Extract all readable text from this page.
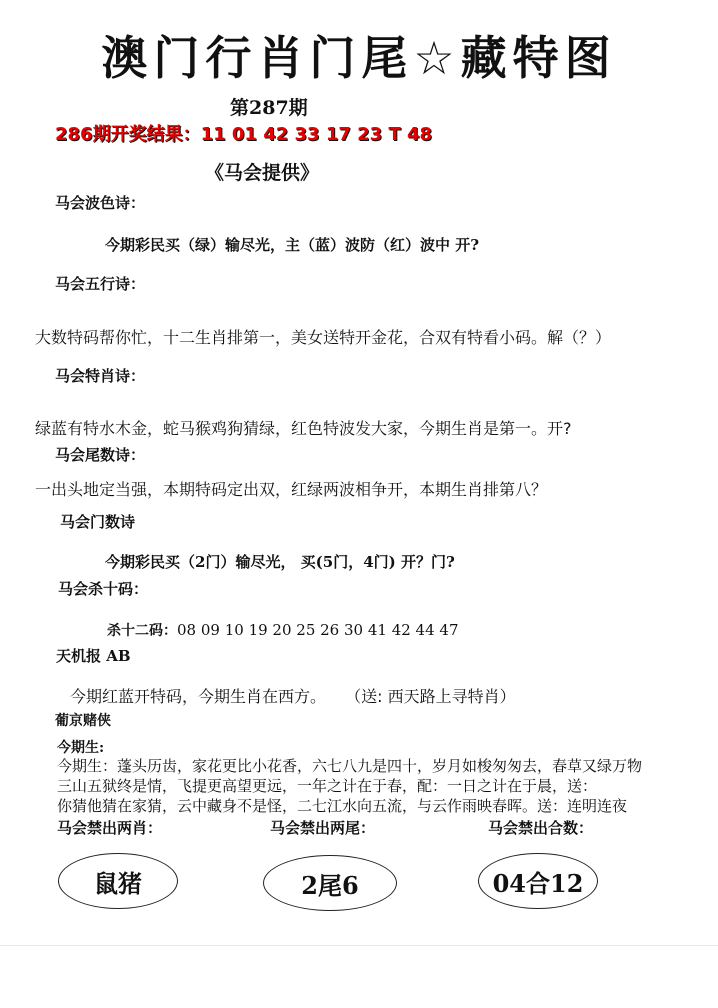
澳门行肖门尾☆藏特图
第287期
286期开奖结果：11 01 42 33 17 23 T 48
《马会提供》
马会波色诗：
今期彩民买（绿）输尽光，主（蓝）波防（红）波中 开?
马会五行诗：
大数特码帮你忙，十二生肖排第一，美女送特开金花，合双有特看小码。解（？）
马会特肖诗：
绿蓝有特水木金，蛇马猴鸡狗猜绿，红色特波发大家，今期生肖是第一。开?
马会尾数诗：
一出头地定当强，本期特码定出双，红绿两波相争开，本期生肖排第八？
马会门数诗
今期彩民买（2门）输尽光， 买(5门，4门) 开？门?
马会杀十码：
杀十二码：08 09 10 19 20 25 26 30 41 42 44 47
天机报 AB
今期红蓝开特码，今期生肖在西方。 （送: 西天路上寻特肖）
葡京赌侠
今期生:
今期生：蓬头历齿，家花更比小花香，六七八九是四十，岁月如梭匆匆去，春草又绿万物
三山五狱终是情，飞提更高望更远，一年之计在于春，配：一日之计在于晨，送：
你猜他猜在家猜，云中藏身不是怪，二七江水向五流，与云作雨映春晖。送：连明连夜
马会禁出两肖：	马会禁出两尾：	马会禁出合数：
鼠猪	2尾6	04合12
